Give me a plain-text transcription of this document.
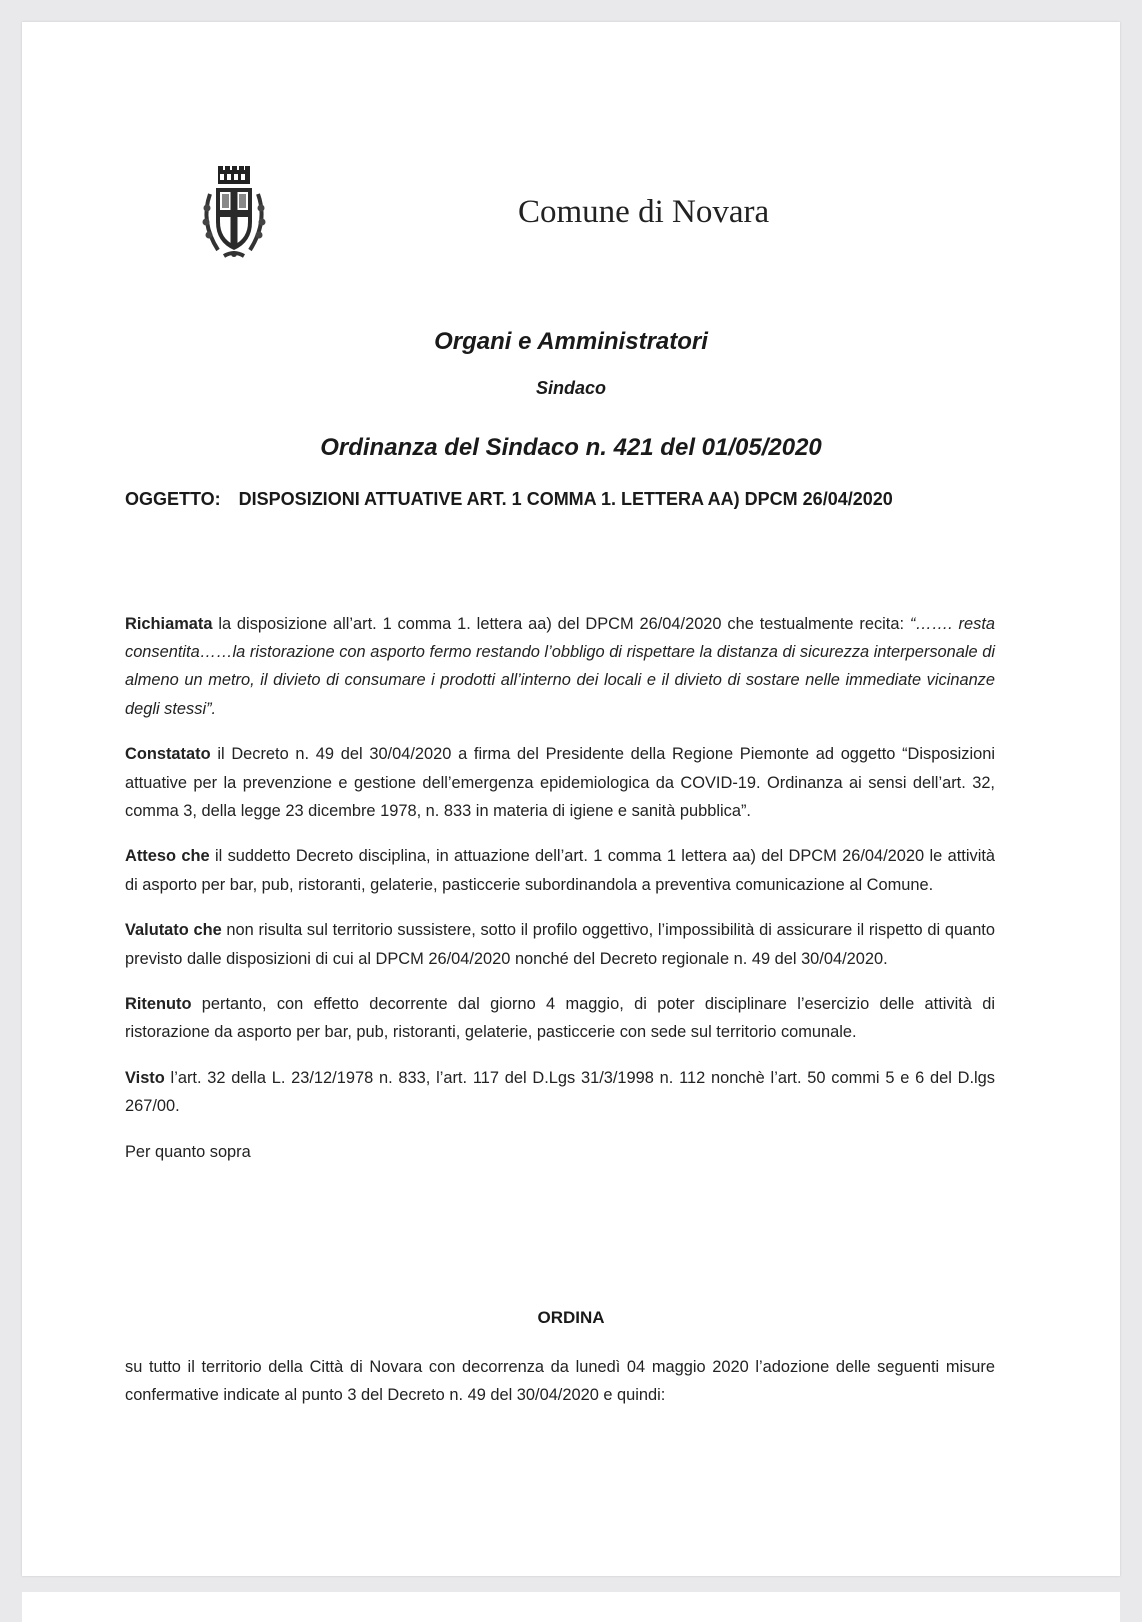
Comune di Novara
Organi e Amministratori
Sindaco
Ordinanza del Sindaco n. 421 del 01/05/2020
OGGETTO: DISPOSIZIONI ATTUATIVE ART. 1 COMMA 1. LETTERA AA) DPCM 26/04/2020

Richiamata la disposizione all’art. 1 comma 1. lettera aa) del DPCM 26/04/2020 che testualmente recita: “……. resta consentita……la ristorazione con asporto fermo restando l’obbligo di rispettare la distanza di sicurezza interpersonale di almeno un metro, il divieto di consumare i prodotti all’interno dei locali e il divieto di sostare nelle immediate vicinanze degli stessi”.

Constatato il Decreto n. 49 del 30/04/2020 a firma del Presidente della Regione Piemonte ad oggetto “Disposizioni attuative per la prevenzione e gestione dell’emergenza epidemiologica da COVID-19. Ordinanza ai sensi dell’art. 32, comma 3, della legge 23 dicembre 1978, n. 833 in materia di igiene e sanità pubblica”.

Atteso che il suddetto Decreto disciplina, in attuazione dell’art. 1 comma 1 lettera aa) del DPCM 26/04/2020 le attività di asporto per bar, pub, ristoranti, gelaterie, pasticcerie subordinandola a preventiva comunicazione al Comune.

Valutato che non risulta sul territorio sussistere, sotto il profilo oggettivo, l’impossibilità di assicurare il rispetto di quanto previsto dalle disposizioni di cui al DPCM 26/04/2020 nonché del Decreto regionale n. 49 del 30/04/2020.

Ritenuto pertanto, con effetto decorrente dal giorno 4 maggio, di poter disciplinare l’esercizio delle attività di ristorazione da asporto per bar, pub, ristoranti, gelaterie, pasticcerie con sede sul territorio comunale.

Visto l’art. 32 della L. 23/12/1978 n. 833, l’art. 117 del D.Lgs 31/3/1998 n. 112 nonchè l’art. 50 commi 5 e 6 del D.lgs 267/00.

Per quanto sopra

ORDINA
su tutto il territorio della Città di Novara con decorrenza da lunedì 04 maggio 2020 l’adozione delle seguenti misure confermative indicate al punto 3 del Decreto n. 49 del 30/04/2020 e quindi:
